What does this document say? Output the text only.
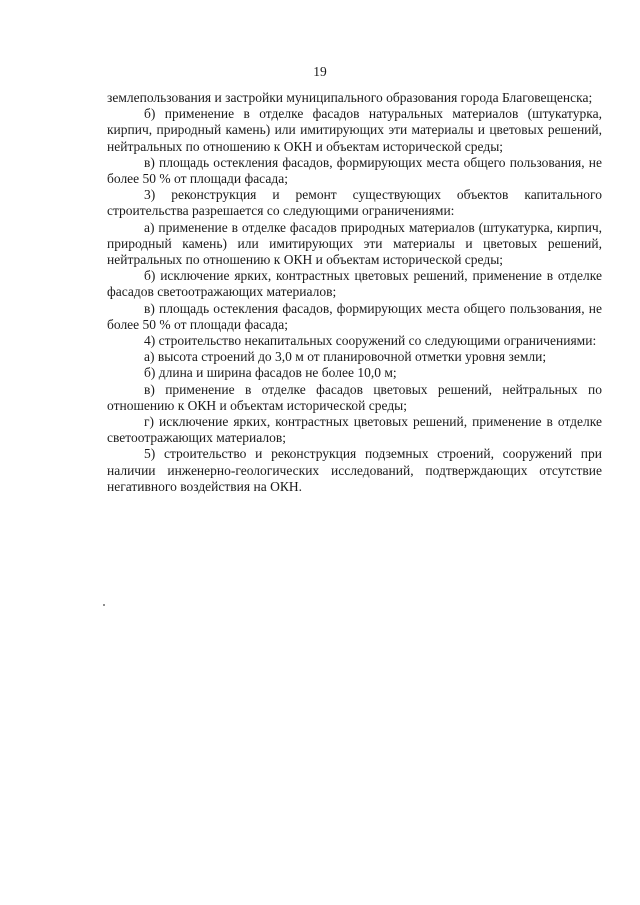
19

землепользования и застройки муниципального образования города Благовещенска;

б) применение в отделке фасадов натуральных материалов (штукатурка, кирпич, природный камень) или имитирующих эти материалы и цветовых решений, нейтральных по отношению к ОКН и объектам исторической среды;

в) площадь остекления фасадов, формирующих места общего пользования, не более 50 % от площади фасада;

3) реконструкция и ремонт существующих объектов капитального строительства разрешается со следующими ограничениями:

а) применение в отделке фасадов природных материалов (штукатурка, кирпич, природный камень) или имитирующих эти материалы и цветовых решений, нейтральных по отношению к ОКН и объектам исторической среды;

б) исключение ярких, контрастных цветовых решений, применение в отделке фасадов светоотражающих материалов;

в) площадь остекления фасадов, формирующих места общего пользования, не более 50 % от площади фасада;

4) строительство некапитальных сооружений со следующими ограничениями:

а) высота строений до 3,0 м от планировочной отметки уровня земли;

б) длина и ширина фасадов не более 10,0 м;

в) применение в отделке фасадов цветовых решений, нейтральных по отношению к ОКН и объектам исторической среды;

г) исключение ярких, контрастных цветовых решений, применение в отделке светоотражающих материалов;

5) строительство и реконструкция подземных строений, сооружений при наличии инженерно-геологических исследований, подтверждающих отсутствие негативного воздействия на ОКН.
